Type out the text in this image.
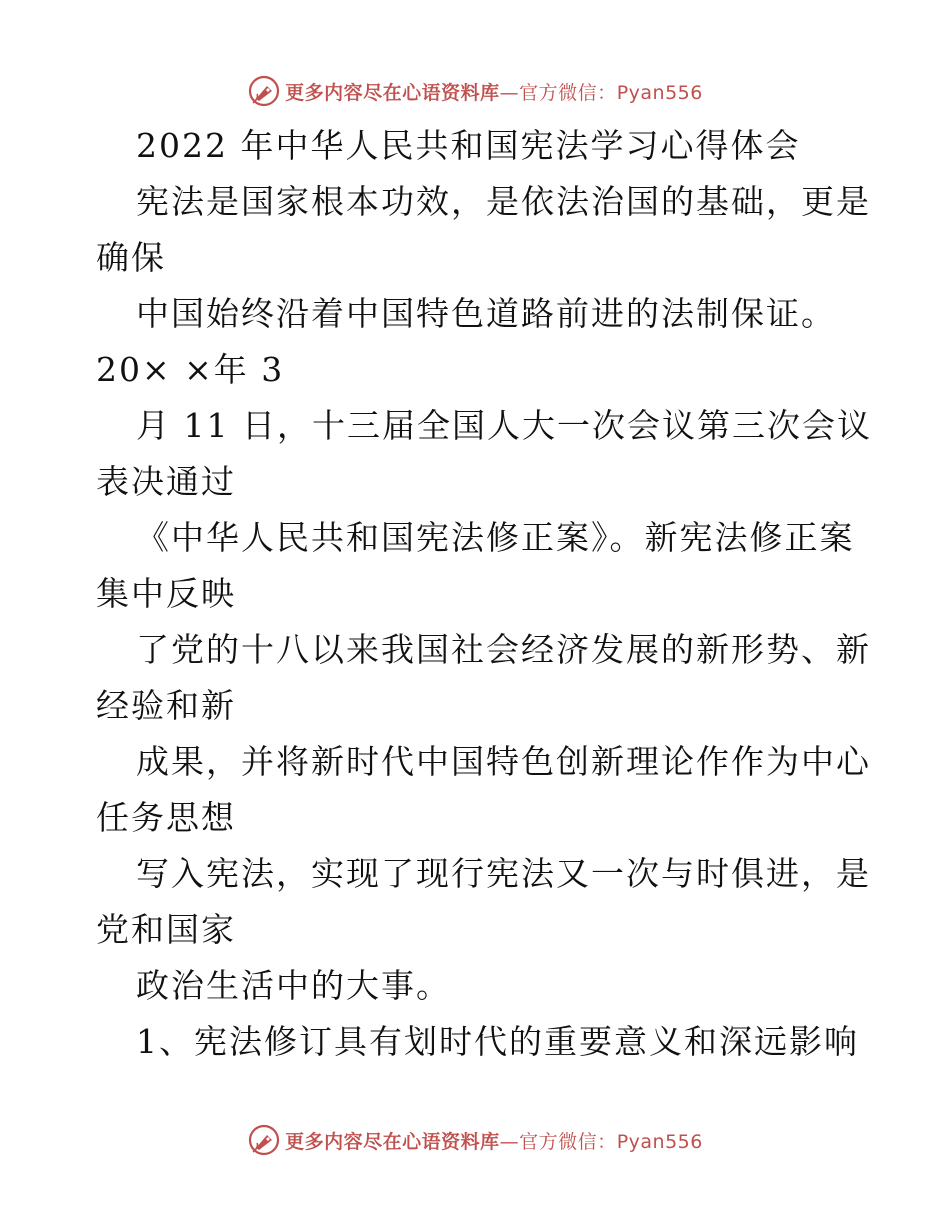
更多内容尽在心语资料库—官方微信：Pyan556
2022 年中华人民共和国宪法学习心得体会
宪法是国家根本功效，是依法治国的基础，更是
确保
中国始终沿着中国特色道路前进的法制保证。
20× ×年 3
月 11 日，十三届全国人大一次会议第三次会议
表决通过
《中华人民共和国宪法修正案》。新宪法修正案
集中反映
了党的十八以来我国社会经济发展的新形势、新
经验和新
成果，并将新时代中国特色创新理论作作为中心
任务思想
写入宪法，实现了现行宪法又一次与时俱进，是
党和国家
政治生活中的大事。
1、宪法修订具有划时代的重要意义和深远影响
更多内容尽在心语资料库—官方微信：Pyan556
